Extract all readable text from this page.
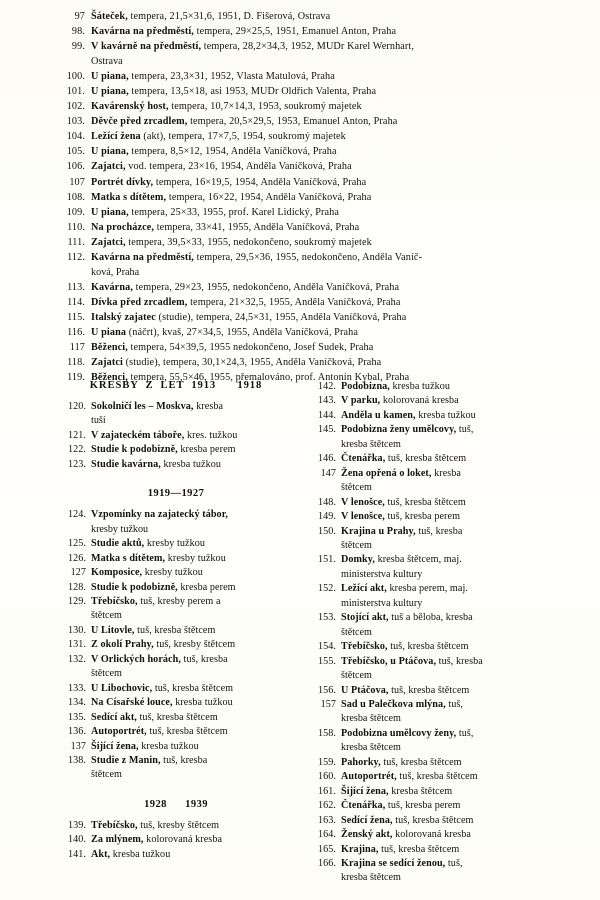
97 Šáteček, tempera, 21,5×31,6, 1951, D. Fišerová, Ostrava
98. Kavárna na předměstí, tempera, 29×25,5, 1951, Emanuel Anton, Praha
99. V kavárně na předměstí, tempera, 28,2×34,3, 1952, MUDr Karel Wernhart,
Ostrava
100. U piana, tempera, 23,3×31, 1952, Vlasta Matulová, Praha
101. U piana, tempera, 13,5×18, asi 1953, MUDr Oldřich Valenta, Praha
102. Kavárenský host, tempera, 10,7×14,3, 1953, soukromý majetek
103. Děvče před zrcadlem, tempera, 20,5×29,5, 1953, Emanuel Anton, Praha
104. Ležící žena (akt), tempera, 17×7,5, 1954, soukromý majetek
105. U piana, tempera, 8,5×12, 1954, Anděla Vaníčková, Praha
106. Zajatci, vod. tempera, 23×16, 1954, Anděla Vaníčková, Praha
107 Portrét dívky, tempera, 16×19,5, 1954, Anděla Vaníčková, Praha
108. Matka s dítětem, tempera, 16×22, 1954, Anděla Vaníčková, Praha
109. U piana, tempera, 25×33, 1955, prof. Karel Lidický, Praha
110. Na procházce, tempera, 33×41, 1955, Anděla Vaníčková, Praha
111. Zajatci, tempera, 39,5×33, 1955, nedokončeno, soukromý majetek
112. Kavárna na předměstí, tempera, 29,5×36, 1955, nedokončeno, Anděla Vaníč-
ková, Praha
113. Kavárna, tempera, 29×23, 1955, nedokončeno, Anděla Vaníčková, Praha
114. Dívka před zrcadlem, tempera, 21×32,5, 1955, Anděla Vaníčková, Praha
115. Italský zajatec (studie), tempera, 24,5×31, 1955, Anděla Vaníčková, Praha
116. U piana (náčrt), kvaš, 27×34,5, 1955, Anděla Vaníčková, Praha
117 Běženci, tempera, 54×39,5, 1955 nedokončeno, Josef Sudek, Praha
118. Zajatci (studie), tempera, 30,1×24,3, 1955, Anděla Vaníčková, Praha
119. Běženci, tempera, 55,5×46, 1955, přemalováno, prof. Antonín Kybal, Praha
KRESBY  Z  LET  1913      1918
120. Sokolničí les – Moskva, kresba
tuší
121. V zajateckém táboře, kres. tužkou
122. Studie k podobizně, kresba perem
123. Studie kavárna, kresba tužkou
1919—1927
124. Vzpomínky na zajatecký tábor,
kresby tužkou
125. Studie aktů, kresby tužkou
126. Matka s dítětem, kresby tužkou
127 Komposice, kresby tužkou
128. Studie k podobizně, kresba perem
129. Třebíčsko, tuš, kresby perem a
štětcem
130. U Litovle, tuš, kresba štětcem
131. Z okolí Prahy, tuš, kresby štětcem
132. V Orlických horách, tuš, kresba
štětcem
133. U Libochovic, tuš, kresba štětcem
134. Na Císařské louce, kresba tužkou
135. Sedící akt, tuš, kresba štětcem
136. Autoportrét, tuš, kresba štětcem
137 Šijící žena, kresba tužkou
138. Studie z Manin, tuš, kresba
štětcem
1928      1939
139. Třebíčsko, tuš, kresby štětcem
140. Za mlýnem, kolorovaná kresba
141. Akt, kresba tužkou
142. Podobizna, kresba tužkou
143. V parku, kolorovaná kresba
144. Anděla u kamen, kresba tužkou
145. Podobizna ženy umělcovy, tuš,
kresba štětcem
146. Čtenářka, tuš, kresba štětcem
147 Žena opřená o loket, kresba
štětcem
148. V lenošce, tuš, kresba štětcem
149. V lenošce, tuš, kresba perem
150. Krajina u Prahy, tuš, kresba
štětcem
151. Domky, kresba štětcem, maj.
ministerstva kultury
152. Ležící akt, kresba perem, maj.
ministerstva kultury
153. Stojící akt, tuš a běloba, kresba
štětcem
154. Třebíčsko, tuš, kresba štětcem
155. Třebíčsko, u Ptáčova, tuš, kresba
štětcem
156. U Ptáčova, tuš, kresba štětcem
157 Sad u Palečkova mlýna, tuš,
kresba štětcem
158. Podobizna umělcovy ženy, tuš,
kresba štětcem
159. Pahorky, tuš, kresba štětcem
160. Autoportrét, tuš, kresba štětcem
161. Šijící žena, kresba štětcem
162. Čtenářka, tuš, kresba perem
163. Sedící žena, tuš, kresba štětcem
164. Ženský akt, kolorovaná kresba
165. Krajina, tuš, kresba štětcem
166. Krajina se sedící ženou, tuš,
kresba štětcem
